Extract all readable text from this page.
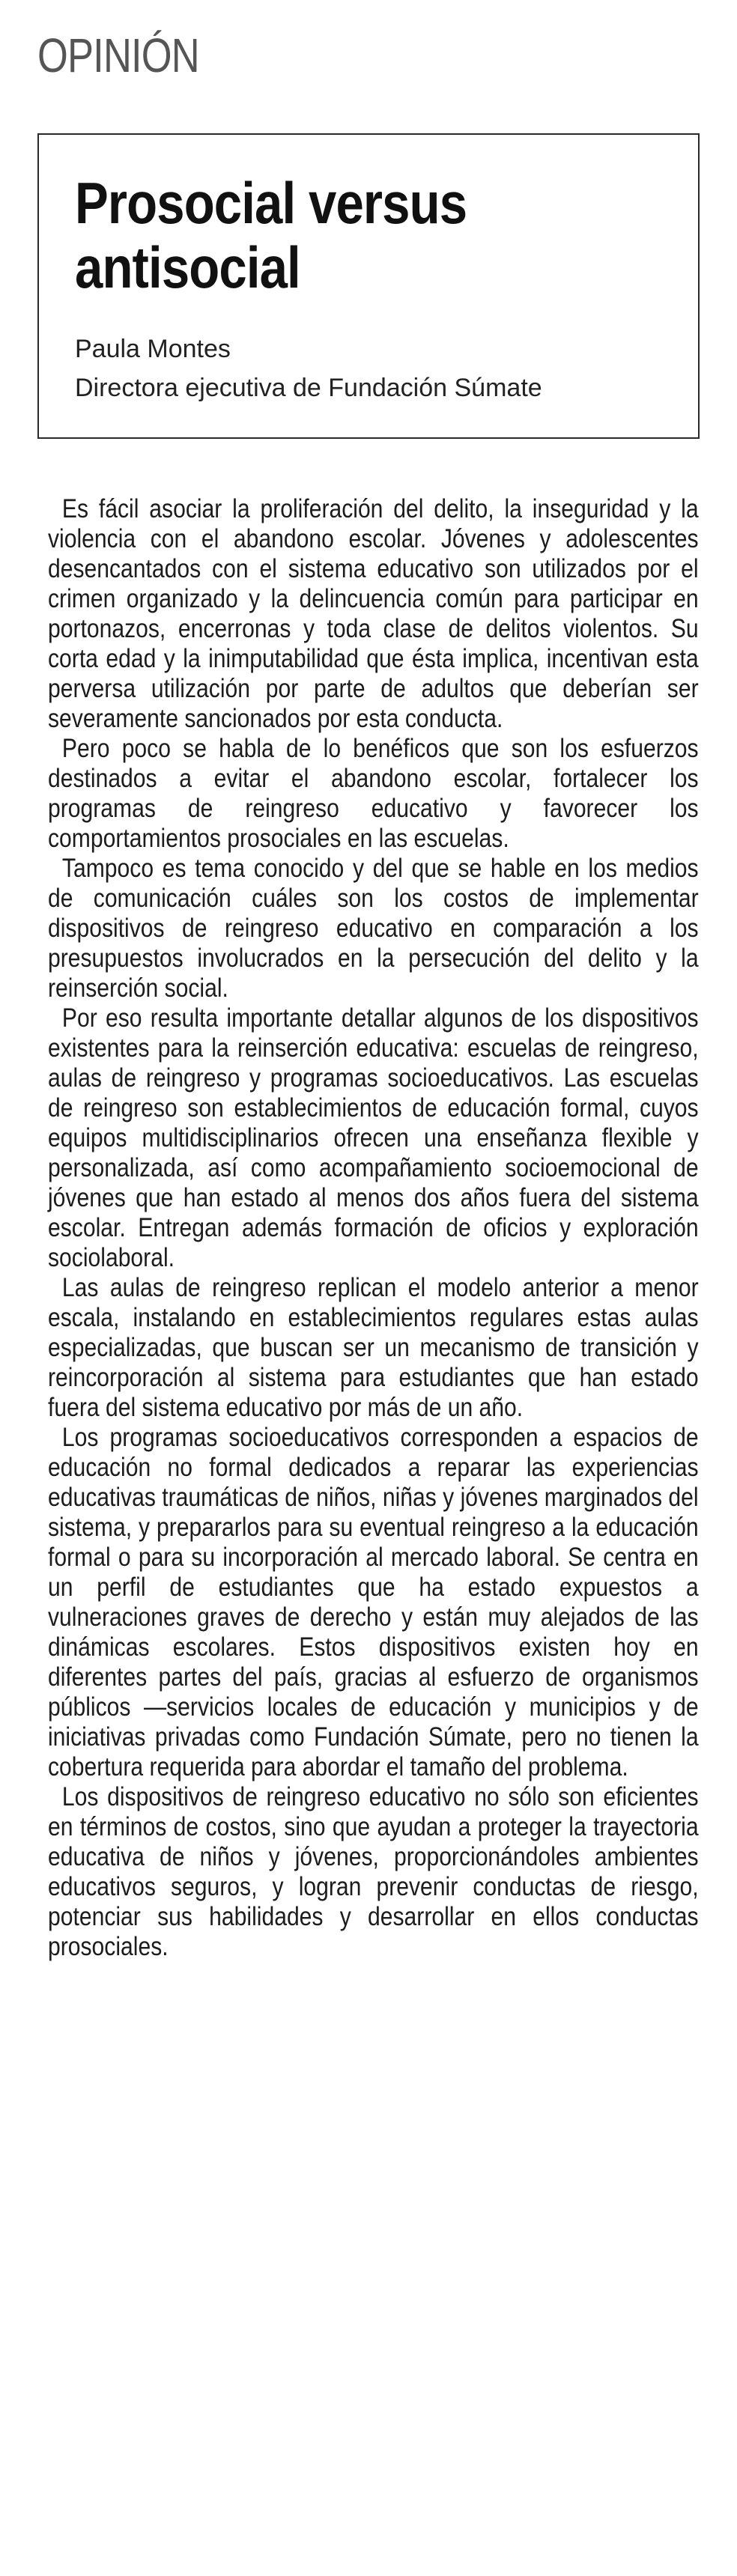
OPINIÓN
Prosocial versus antisocial
Paula Montes
Directora ejecutiva de Fundación Súmate

Es fácil asociar la proliferación del delito, la inseguridad y la violencia con el abandono escolar. Jóvenes y adolescentes desencantados con el sistema educativo son utilizados por el crimen organizado y la delincuencia común para participar en portonazos, encerronas y toda clase de delitos violentos. Su corta edad y la inimputabilidad que ésta implica, incentivan esta perversa utilización por parte de adultos que deberían ser severamente sancionados por esta conducta.

Pero poco se habla de lo benéficos que son los esfuerzos destinados a evitar el abandono escolar, fortalecer los programas de reingreso educativo y favorecer los comportamientos prosociales en las escuelas.

Tampoco es tema conocido y del que se hable en los medios de comunicación cuáles son los costos de implementar dispositivos de reingreso educativo en comparación a los presupuestos involucrados en la persecución del delito y la reinserción social.

Por eso resulta importante detallar algunos de los dispositivos existentes para la reinserción educativa: escuelas de reingreso, aulas de reingreso y programas socioeducativos. Las escuelas de reingreso son establecimientos de educación formal, cuyos equipos multidisciplinarios ofrecen una enseñanza flexible y personalizada, así como acompañamiento socioemocional de jóvenes que han estado al menos dos años fuera del sistema escolar. Entregan además formación de oficios y exploración sociolaboral.

Las aulas de reingreso replican el modelo anterior a menor escala, instalando en establecimientos regulares estas aulas especializadas, que buscan ser un mecanismo de transición y reincorporación al sistema para estudiantes que han estado fuera del sistema educativo por más de un año.

Los programas socioeducativos corresponden a espacios de educación no formal dedicados a reparar las experiencias educativas traumáticas de niños, niñas y jóvenes marginados del sistema, y prepararlos para su eventual reingreso a la educación formal o para su incorporación al mercado laboral. Se centra en un perfil de estudiantes que ha estado expuestos a vulneraciones graves de derecho y están muy alejados de las dinámicas escolares. Estos dispositivos existen hoy en diferentes partes del país, gracias al esfuerzo de organismos públicos —servicios locales de educación y municipios y de iniciativas privadas como Fundación Súmate, pero no tienen la cobertura requerida para abordar el tamaño del problema.

Los dispositivos de reingreso educativo no sólo son eficientes en términos de costos, sino que ayudan a proteger la trayectoria educativa de niños y jóvenes, proporcionándoles ambientes educativos seguros, y logran prevenir conductas de riesgo, potenciar sus habilidades y desarrollar en ellos conductas prosociales.
